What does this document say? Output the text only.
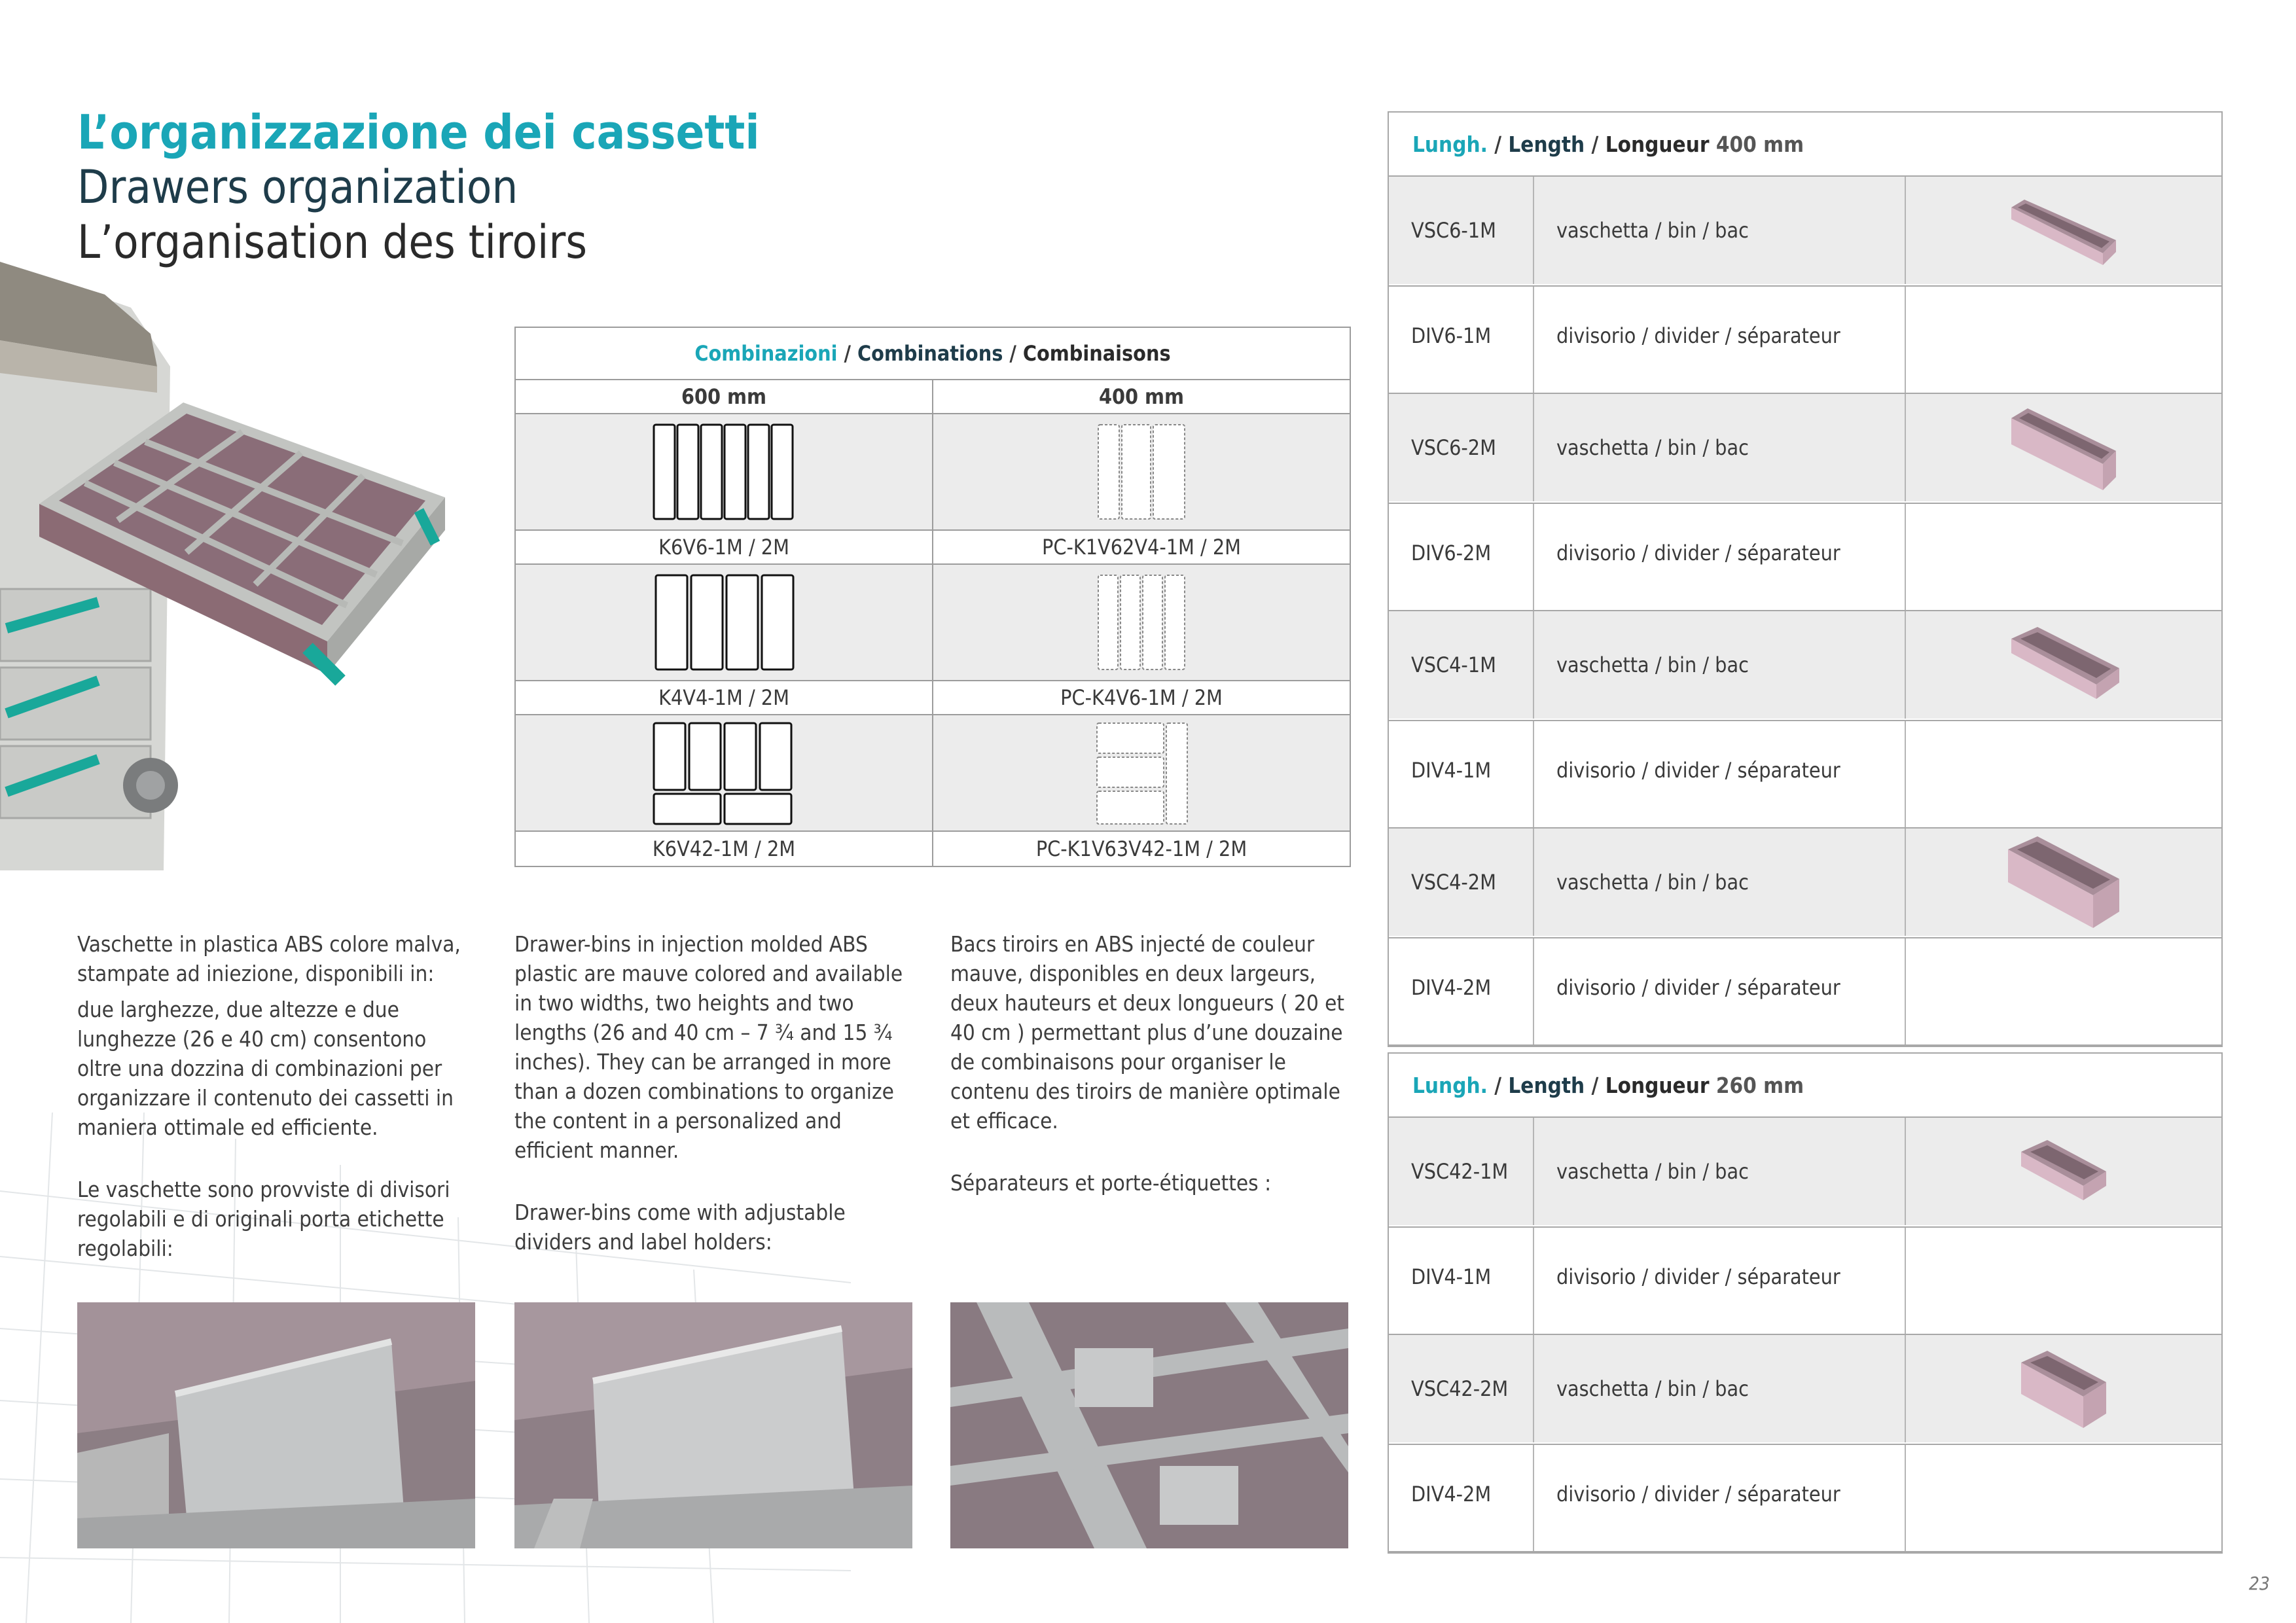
L’organizzazione dei cassetti
Drawers organization
L’organisation des tiroirs
Combinazioni / Combinations / Combinaisons
600 mm	400 mm
K6V6-1M / 2M	PC-K1V62V4-1M / 2M
K4V4-1M / 2M	PC-K4V6-1M / 2M
K6V42-1M / 2M	PC-K1V63V42-1M / 2M

Vaschette in plastica ABS colore malva, stampate ad iniezione, disponibili in:

due larghezze, due altezze e due lunghezze (26 e 40 cm) consentono oltre una dozzina di combinazioni per organizzare il contenuto dei cassetti in maniera ottimale ed efficiente.

Le vaschette sono provviste di divisori regolabili e di originali porta etichette regolabili:

Drawer-bins in injection molded ABS plastic are mauve colored and available in two widths, two heights and two lengths (26 and 40 cm – 7 ¾ and 15 ¾ inches). They can be arranged in more than a dozen combinations to organize the content in a personalized and efficient manner.

Drawer-bins come with adjustable dividers and label holders:

Bacs tiroirs en ABS injecté de couleur mauve, disponibles en deux largeurs, deux hauteurs et deux longueurs ( 20 et 40 cm ) permettant plus d’une douzaine de combinaisons pour organiser le contenu des tiroirs de manière optimale et efficace.

Séparateurs et porte-étiquettes :

Lungh. / Length / Longueur
400 mm
VSC6-1M	vaschetta / bin / bac
DIV6-1M	divisorio / divider / séparateur
VSC6-2M	vaschetta / bin / bac
DIV6-2M	divisorio / divider / séparateur
VSC4-1M	vaschetta / bin / bac
DIV4-1M	divisorio / divider / séparateur
VSC4-2M	vaschetta / bin / bac
DIV4-2M	divisorio / divider / séparateur
Lungh. / Length / Longueur
260 mm
VSC42-1M	vaschetta / bin / bac
DIV4-1M	divisorio / divider / séparateur
VSC42-2M	vaschetta / bin / bac
DIV4-2M	divisorio / divider / séparateur
23
